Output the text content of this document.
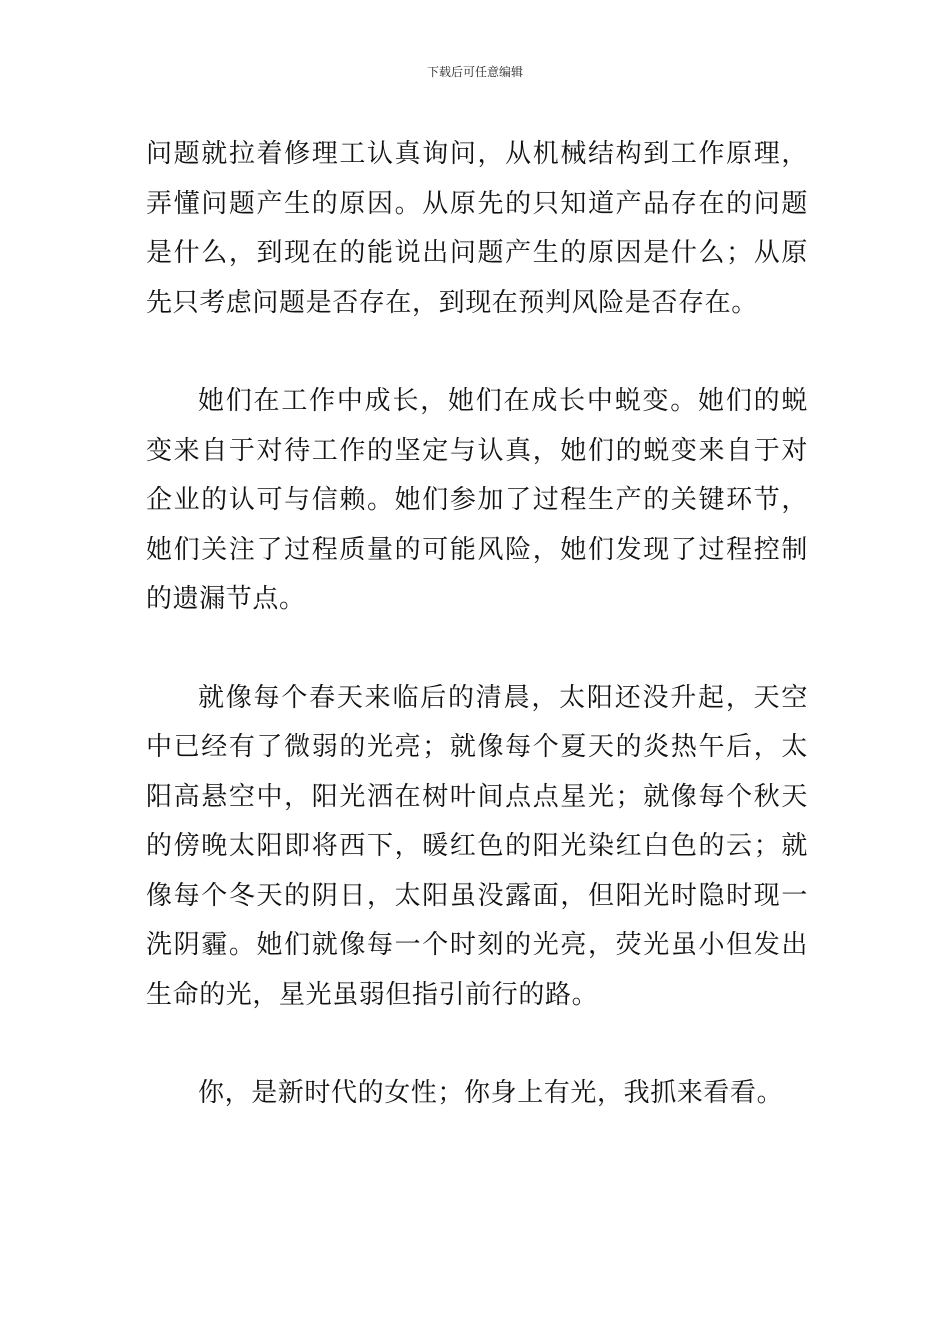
下载后可任意编辑

问题就拉着修理工认真询问，从机械结构到工作原理，弄懂问题产生的原因。从原先的只知道产品存在的问题是什么，到现在的能说出问题产生的原因是什么；从原先只考虑问题是否存在，到现在预判风险是否存在。

她们在工作中成长，她们在成长中蜕变。她们的蜕变来自于对待工作的坚定与认真，她们的蜕变来自于对企业的认可与信赖。她们参加了过程生产的关键环节，她们关注了过程质量的可能风险，她们发现了过程控制的遗漏节点。

就像每个春天来临后的清晨，太阳还没升起，天空中已经有了微弱的光亮；就像每个夏天的炎热午后，太阳高悬空中，阳光洒在树叶间点点星光；就像每个秋天的傍晚太阳即将西下，暖红色的阳光染红白色的云；就像每个冬天的阴日，太阳虽没露面，但阳光时隐时现一洗阴霾。她们就像每一个时刻的光亮，荧光虽小但发出生命的光，星光虽弱但指引前行的路。

你，是新时代的女性；你身上有光，我抓来看看。
